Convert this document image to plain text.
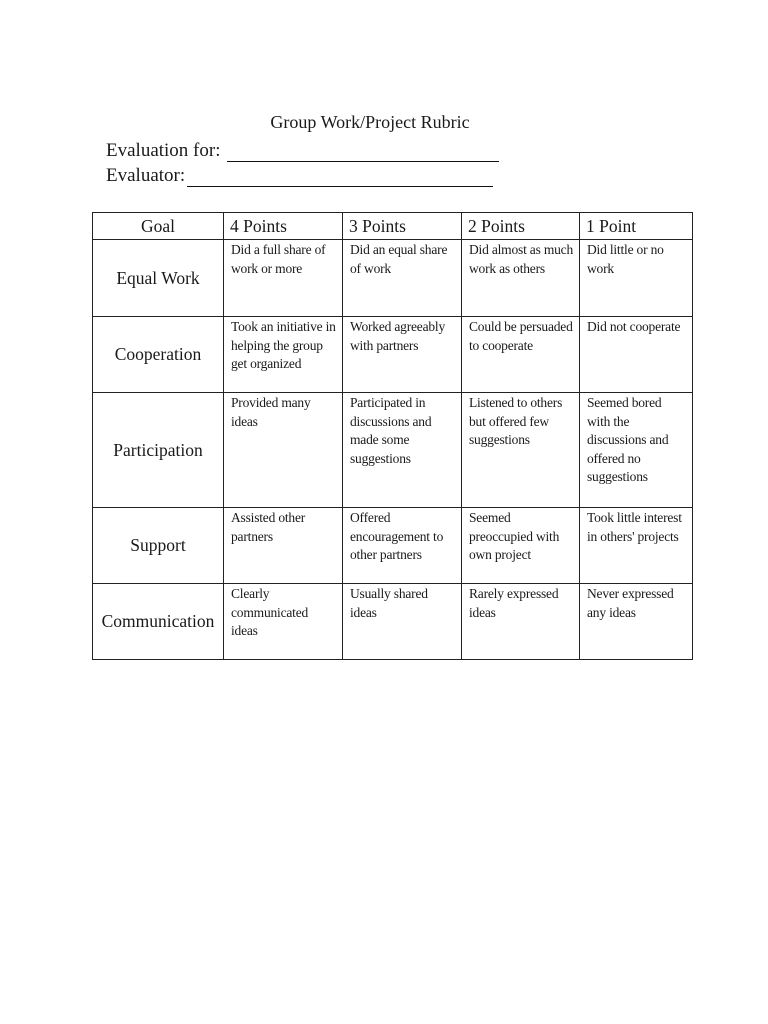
Group Work/Project Rubric
Evaluation for:
Evaluator:
Goal	4 Points	3 Points	2 Points	1 Point
Equal Work	Did a full share of work or more	Did an equal share of work	Did almost as much work as others	Did little or no work
Cooperation	Took an initiative in helping the group get organized	Worked agreeably with partners	Could be persuaded to cooperate	Did not cooperate
Participation	Provided many ideas	Participated in discussions and made some suggestions	Listened to others but offered few suggestions	Seemed bored with the discussions and offered no suggestions
Support	Assisted other partners	Offered encouragement to other partners	Seemed preoccupied with own project	Took little interest in others' projects
Communication	Clearly communicated ideas	Usually shared ideas	Rarely expressed ideas	Never expressed any ideas
